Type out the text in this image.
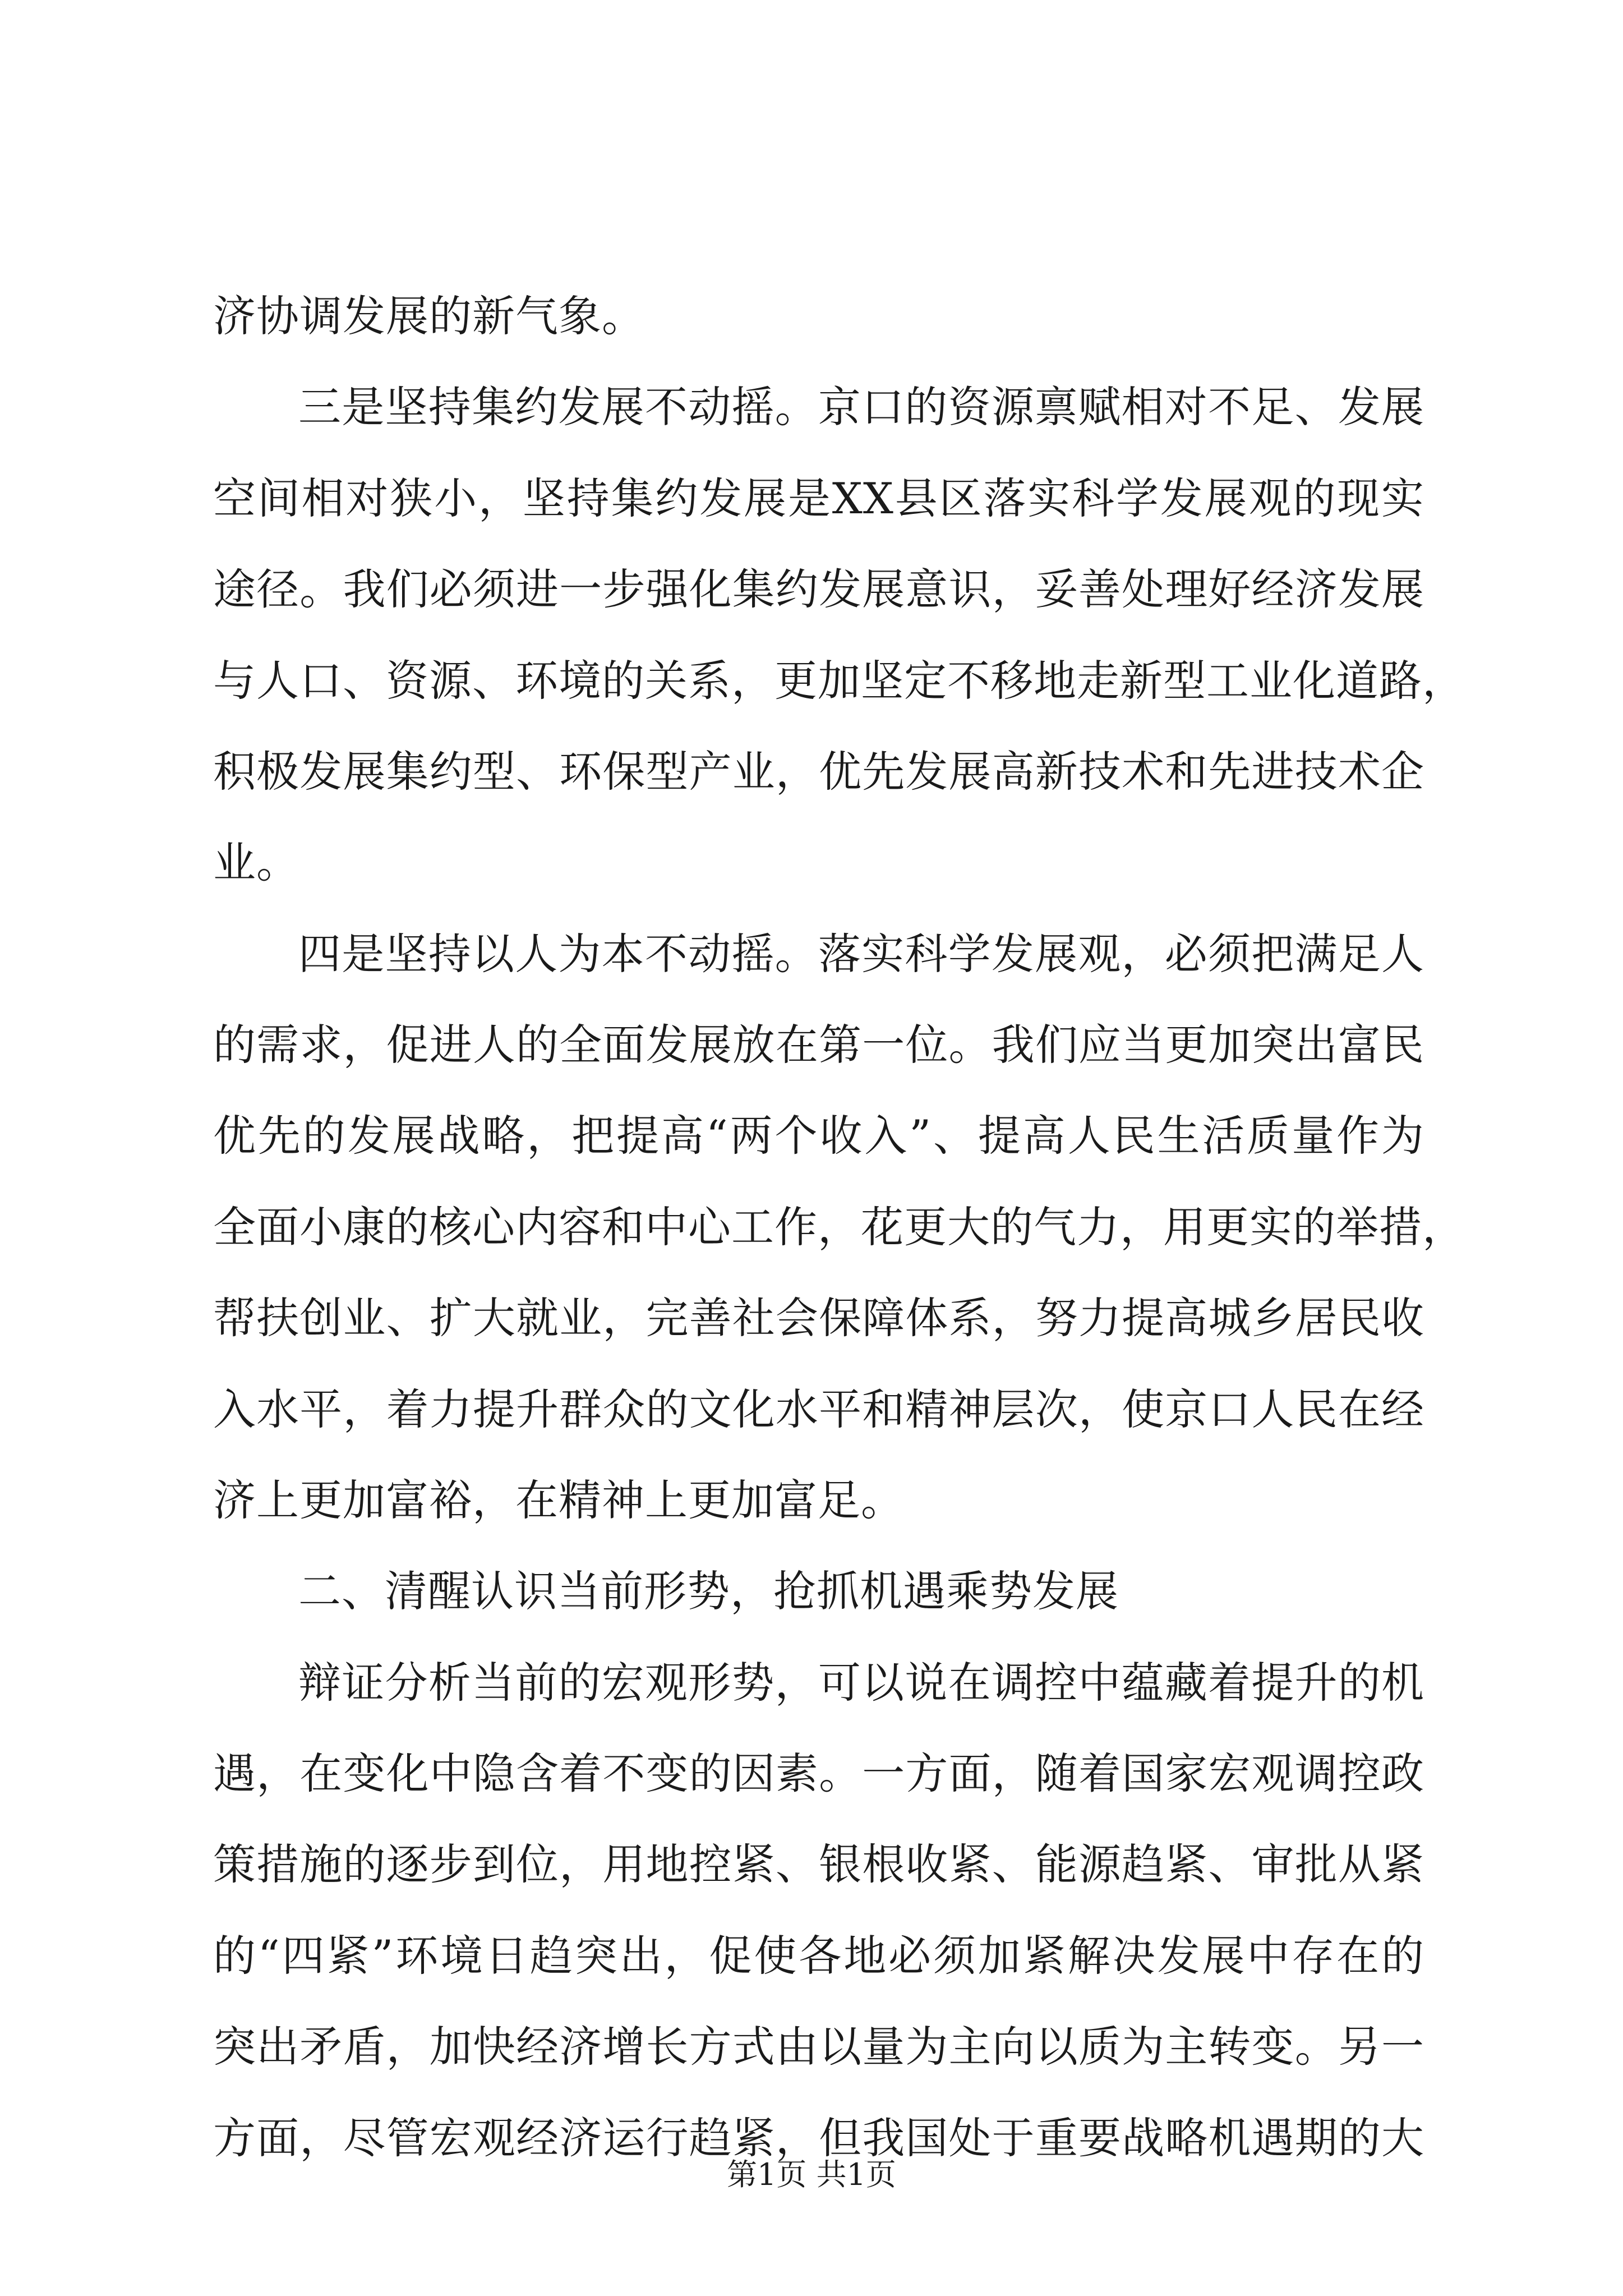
济协调发展的新气象。
三是坚持集约发展不动摇。京口的资源禀赋相对不足、发展
空间相对狭小，坚持集约发展是XX县区落实科学发展观的现实
途径。我们必须进一步强化集约发展意识，妥善处理好经济发展
与人口、资源、环境的关系，更加坚定不移地走新型工业化道路，
积极发展集约型、环保型产业，优先发展高新技术和先进技术企
业。
四是坚持以人为本不动摇。落实科学发展观，必须把满足人
的需求，促进人的全面发展放在第一位。我们应当更加突出富民
优先的发展战略，把提高“两个收入”、提高人民生活质量作为
全面小康的核心内容和中心工作，花更大的气力，用更实的举措，
帮扶创业、扩大就业，完善社会保障体系，努力提高城乡居民收
入水平，着力提升群众的文化水平和精神层次，使京口人民在经
济上更加富裕，在精神上更加富足。
二、清醒认识当前形势，抢抓机遇乘势发展
辩证分析当前的宏观形势，可以说在调控中蕴藏着提升的机
遇，在变化中隐含着不变的因素。一方面，随着国家宏观调控政
策措施的逐步到位，用地控紧、银根收紧、能源趋紧、审批从紧
的“四紧”环境日趋突出，促使各地必须加紧解决发展中存在的
突出矛盾，加快经济增长方式由以量为主向以质为主转变。另一
方面，尽管宏观经济运行趋紧，但我国处于重要战略机遇期的大
第1页 共1页
